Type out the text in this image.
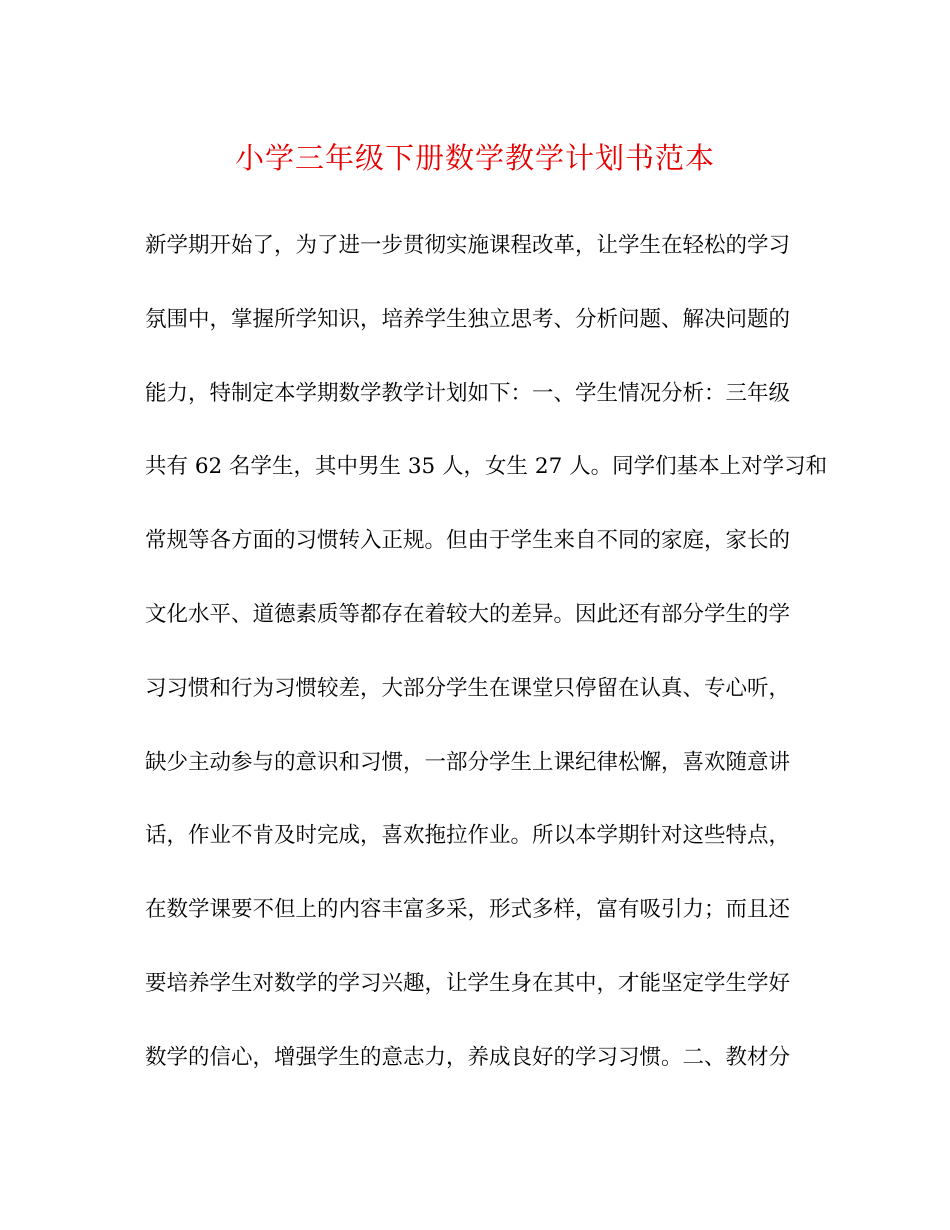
小学三年级下册数学教学计划书范本
新学期开始了，为了进一步贯彻实施课程改革，让学生在轻松的学习
氛围中，掌握所学知识，培养学生独立思考、分析问题、解决问题的
能力，特制定本学期数学教学计划如下：一、学生情况分析：三年级
共有 62 名学生，其中男生 35 人，女生 27 人。同学们基本上对学习和
常规等各方面的习惯转入正规。但由于学生来自不同的家庭，家长的
文化水平、道德素质等都存在着较大的差异。因此还有部分学生的学
习习惯和行为习惯较差，大部分学生在课堂只停留在认真、专心听，
缺少主动参与的意识和习惯，一部分学生上课纪律松懈，喜欢随意讲
话，作业不肯及时完成，喜欢拖拉作业。所以本学期针对这些特点，
在数学课要不但上的内容丰富多采，形式多样，富有吸引力；而且还
要培养学生对数学的学习兴趣，让学生身在其中，才能坚定学生学好
数学的信心，增强学生的意志力，养成良好的学习习惯。二、教材分
